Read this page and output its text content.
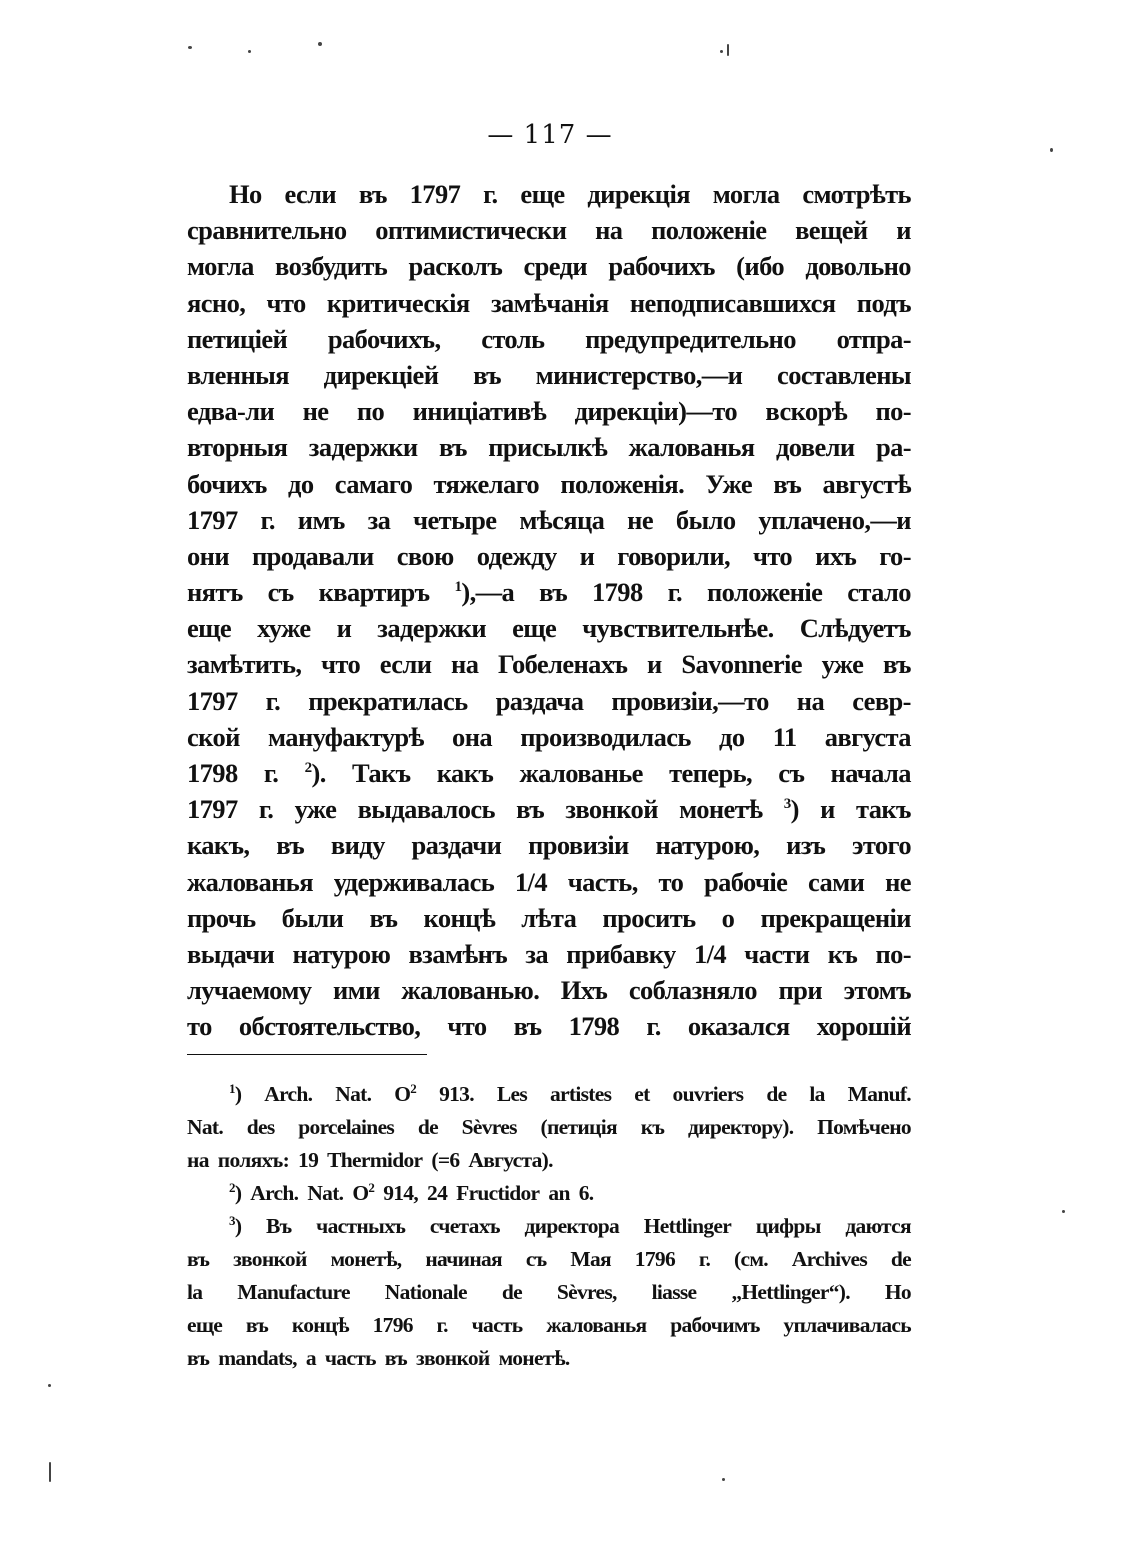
— 117 —
Но если въ 1797 г. еще дирекція могла смотрѣть
сравнительно оптимистически на положеніе вещей и
могла возбудить расколъ среди рабочихъ (ибо довольно
ясно, что критическія замѣчанія неподписавшихся подъ
петиціей рабочихъ, столь предупредительно отпра-
вленныя дирекціей въ министерство,—и составлены
едва-ли не по иниціативѣ дирекціи)—то вскорѣ по-
вторныя задержки въ присылкѣ жалованья довели ра-
бочихъ до самаго тяжелаго положенія. Уже въ августѣ
1797 г. имъ за четыре мѣсяца не было уплачено,—и
они продавали свою одежду и говорили, что ихъ го-
нятъ съ квартиръ $^1$),—а въ 1798 г. положеніе стало
еще хуже и задержки еще чувствительнѣе. Слѣдуетъ
замѣтить, что если на Гобеленахъ и Savonnerie уже въ
1797 г. прекратилась раздача провизіи,—то на севр-
ской мануфактурѣ она производилась до 11 августа
1798 г. $^2$). Такъ какъ жалованье теперь, съ начала
1797 г. уже выдавалось въ звонкой монетѣ $^3$) и такъ
какъ, въ виду раздачи провизіи натурою, изъ этого
жалованья удерживалась 1/4 часть, то рабочіе сами не
прочь были въ концѣ лѣта просить о прекращеніи
выдачи натурою взамѣнъ за прибавку 1/4 части къ по-
лучаемому ими жалованью. Ихъ соблазняло при этомъ
то обстоятельство, что въ 1798 г. оказался хорошій
$^1$) Arch. Nat. $O^2$ 913. Les artistes et ouvriers de la Manuf.
Nat. des porcelaines de Sèvres (петиція къ директору). Помѣчено
на поляхъ: 19 Thermidor (=6 Августа).
$^2$) Arch. Nat. $O^2$ 914, 24 Fructidor an 6.
$^3$) Въ частныхъ счетахъ директора Hettlinger цифры даются
въ звонкой монетѣ, начиная съ Мая 1796 г. (см. Archives de
la Manufacture Nationale de Sèvres, liasse „Hettlinger“). Но
еще въ концѣ 1796 г. часть жалованья рабочимъ уплачивалась
въ mandats, а часть въ звонкой монетѣ.
